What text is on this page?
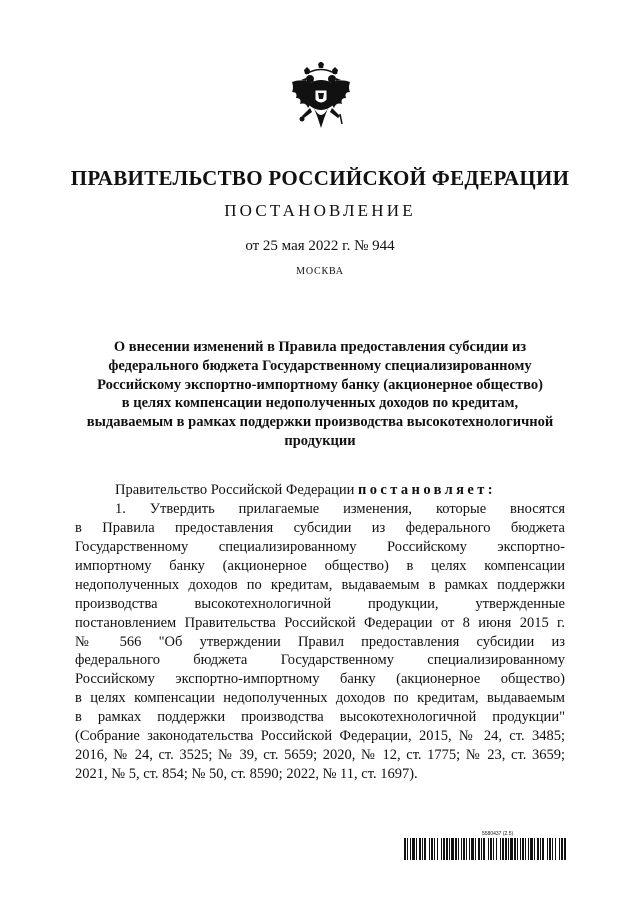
ПРАВИТЕЛЬСТВО РОССИЙСКОЙ ФЕДЕРАЦИИ
ПОСТАНОВЛЕНИЕ
от 25 мая 2022 г. № 944
МОСКВА
О внесении изменений в Правила предоставления субсидии из
федерального бюджета Государственному специализированному
Российскому экспортно-импортному банку (акционерное общество)
в целях компенсации недополученных доходов по кредитам,
выдаваемым в рамках поддержки производства высокотехнологичной
продукции
Правительство Российской Федерации постановляет:
1. Утвердить прилагаемые изменения, которые вносятся
в Правила предоставления субсидии из федерального бюджета
Государственному специализированному Российскому экспортно-
импортному банку (акционерное общество) в целях компенсации
недополученных доходов по кредитам, выдаваемым в рамках поддержки
производства высокотехнологичной продукции, утвержденные
постановлением Правительства Российской Федерации от 8 июня 2015 г.
№ 566 "Об утверждении Правил предоставления субсидии из
федерального бюджета Государственному специализированному
Российскому экспортно-импортному банку (акционерное общество)
в целях компенсации недополученных доходов по кредитам, выдаваемым
в рамках поддержки производства высокотехнологичной продукции"
(Собрание законодательства Российской Федерации, 2015, № 24, ст. 3485;
2016, № 24, ст. 3525; № 39, ст. 5659; 2020, № 12, ст. 1775; № 23, ст. 3659;
2021, № 5, ст. 854; № 50, ст. 8590; 2022, № 11, ст. 1697).
5580437 (2.5)
